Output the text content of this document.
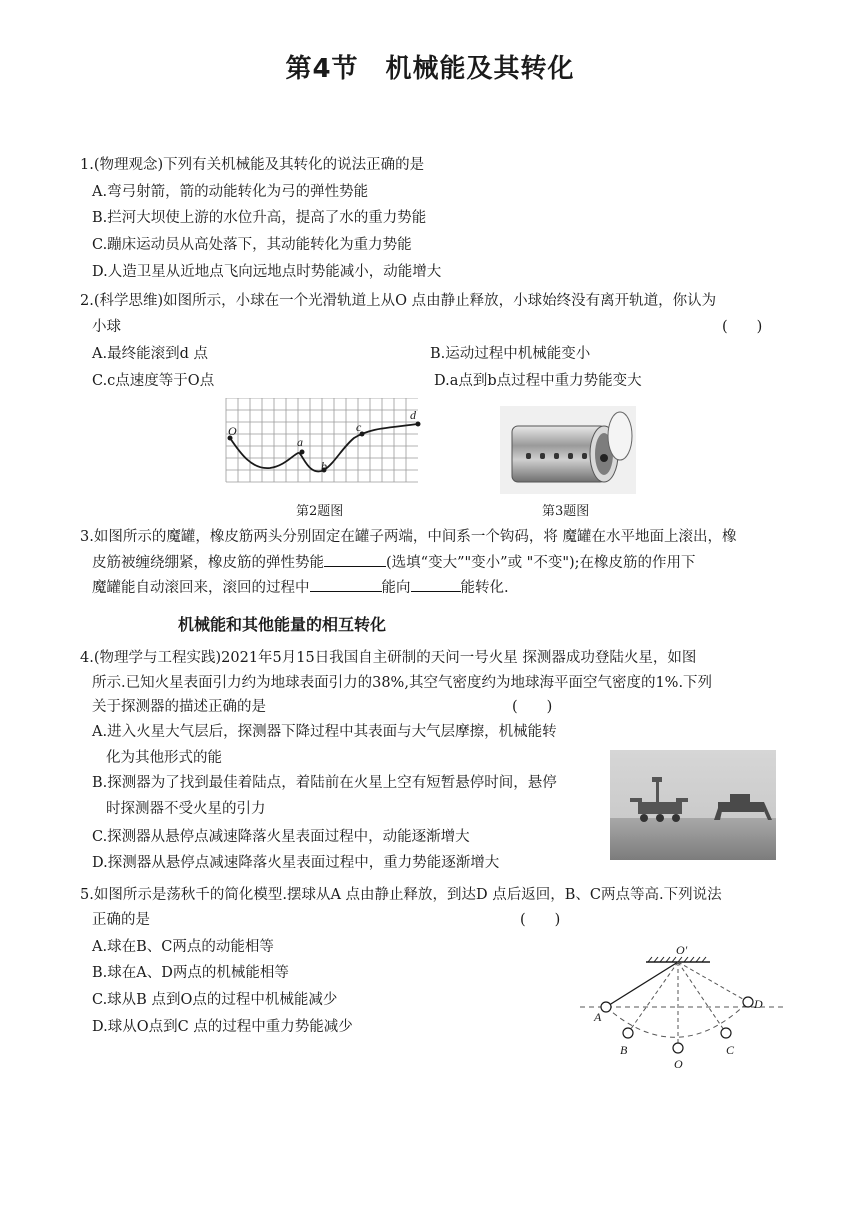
第4节　机械能及其转化
1.(物理观念)下列有关机械能及其转化的说法正确的是
A.弯弓射箭，箭的动能转化为弓的弹性势能
B.拦河大坝使上游的水位升高，提高了水的重力势能
C.蹦床运动员从高处落下，其动能转化为重力势能
D.人造卫星从近地点飞向远地点时势能减小，动能增大
2.(科学思维)如图所示，小球在一个光滑轨道上从O 点由静止释放，小球始终没有离开轨道，你认为
小球	(　　)
A.最终能滚到d 点	B.运动过程中机械能变小
C.c点速度等于O点	D.a点到b点过程中重力势能变大
O
a
b
c
d
第2题图	第3题图
3.如图所示的魔罐，橡皮筋两头分别固定在罐子两端，中间系一个钩码，将 魔罐在水平地面上滚出，橡
皮筋被缠绕绷紧，橡皮筋的弹性势能	(选填“变大”"变小”或 "不变");在橡皮筋的作用下
魔罐能自动滚回来，滚回的过程中	能向	能转化.
机械能和其他能量的相互转化
4.(物理学与工程实践)2021年5月15日我国自主研制的天问一号火星 探测器成功登陆火星，如图
所示.已知火星表面引力约为地球表面引力的38%,其空气密度约为地球海平面空气密度的1%.下列
关于探测器的描述正确的是	(　　)
A.进入火星大气层后，探测器下降过程中其表面与大气层摩擦，机械能转
化为其他形式的能
B.探测器为了找到最佳着陆点，着陆前在火星上空有短暂悬停时间，悬停
时探测器不受火星的引力
C.探测器从悬停点减速降落火星表面过程中，动能逐渐增大
D.探测器从悬停点减速降落火星表面过程中，重力势能逐渐增大
5.如图所示是荡秋千的简化模型.摆球从A 点由静止释放，到达D 点后返回，B、C两点等高.下列说法
正确的是	(　　)
A.球在B、C两点的动能相等
B.球在A、D两点的机械能相等
C.球从B 点到O点的过程中机械能减少
D.球从O点到C 点的过程中重力势能减少
O'
A
B
O
C
D
